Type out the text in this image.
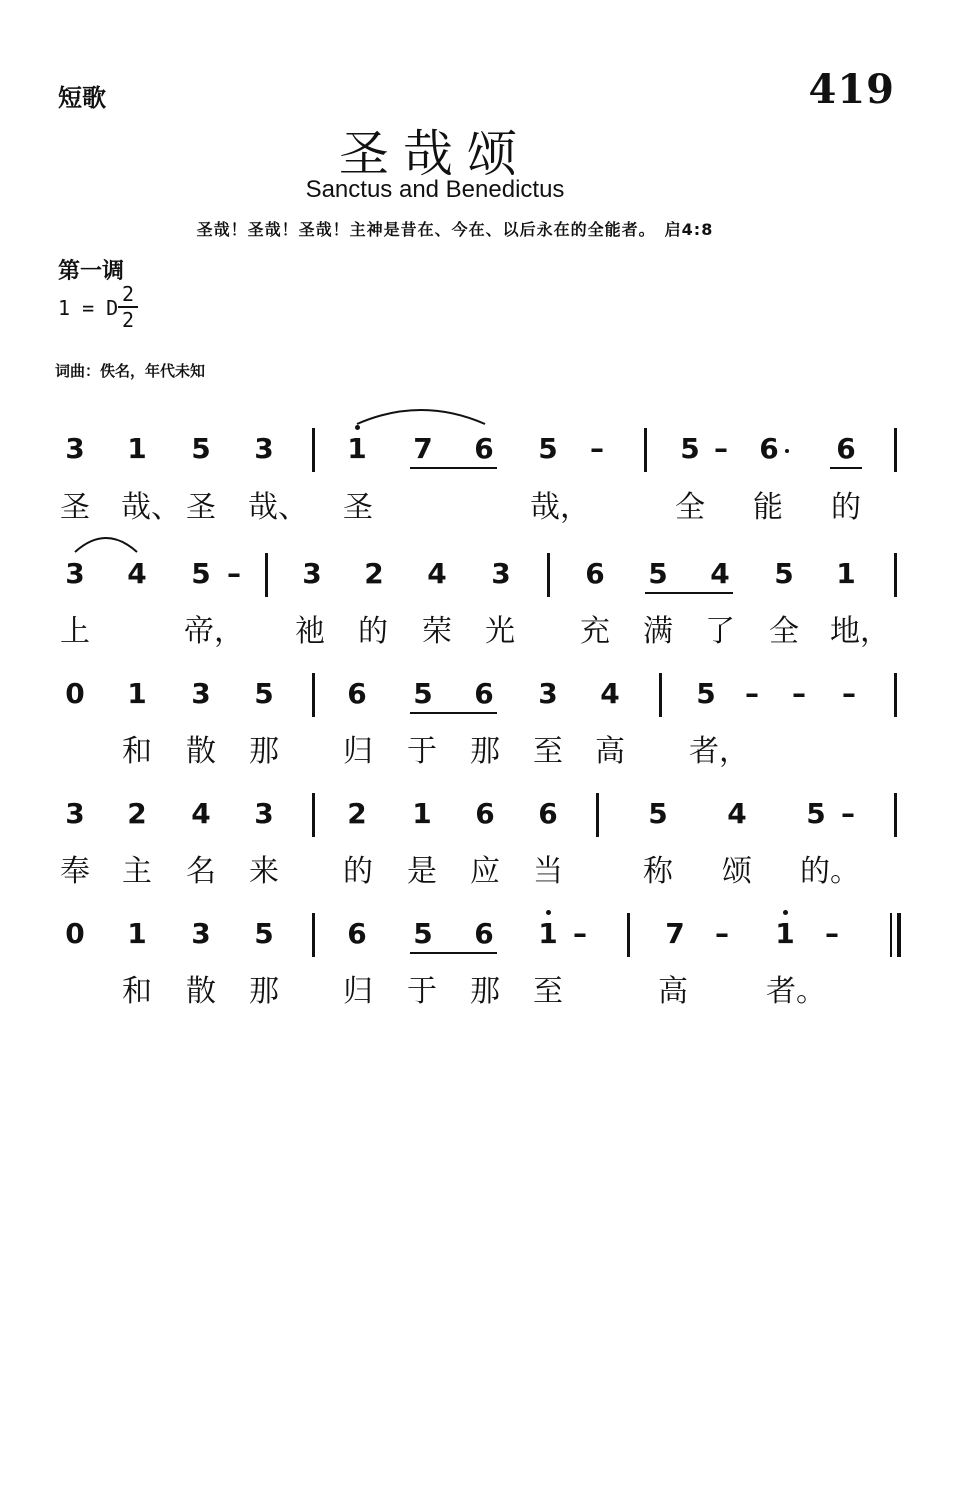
短歌	419
圣哉颂
Sanctus and Benedictus
圣哉！圣哉！圣哉！主神是昔在、今在、以后永在的全能者。　启4:8
第一调
1 = D
2
2
词曲：佚名，年代未知
3	1	5	3	1	7	6	5	–	5 –	6	6
圣	哉、 圣	哉、	圣	哉，	全	能	的
3	4	5 –	3	2	4	3	6	5	4	5	1
上	帝，	祂	的	荣	光	充	满	了	全	地，
0	1	3	5	6	5	6	3	4	5	–	–	–
和	散	那	归	于	那	至	高	者，
3	2	4	3	2	1	6	6	5	4	5 –
奉	主	名	来	的	是	应	当	称	颂	的。
0	1	3	5	6	5	6	1 –	7	–	1	–
和	散	那	归	于	那	至	高	者。
